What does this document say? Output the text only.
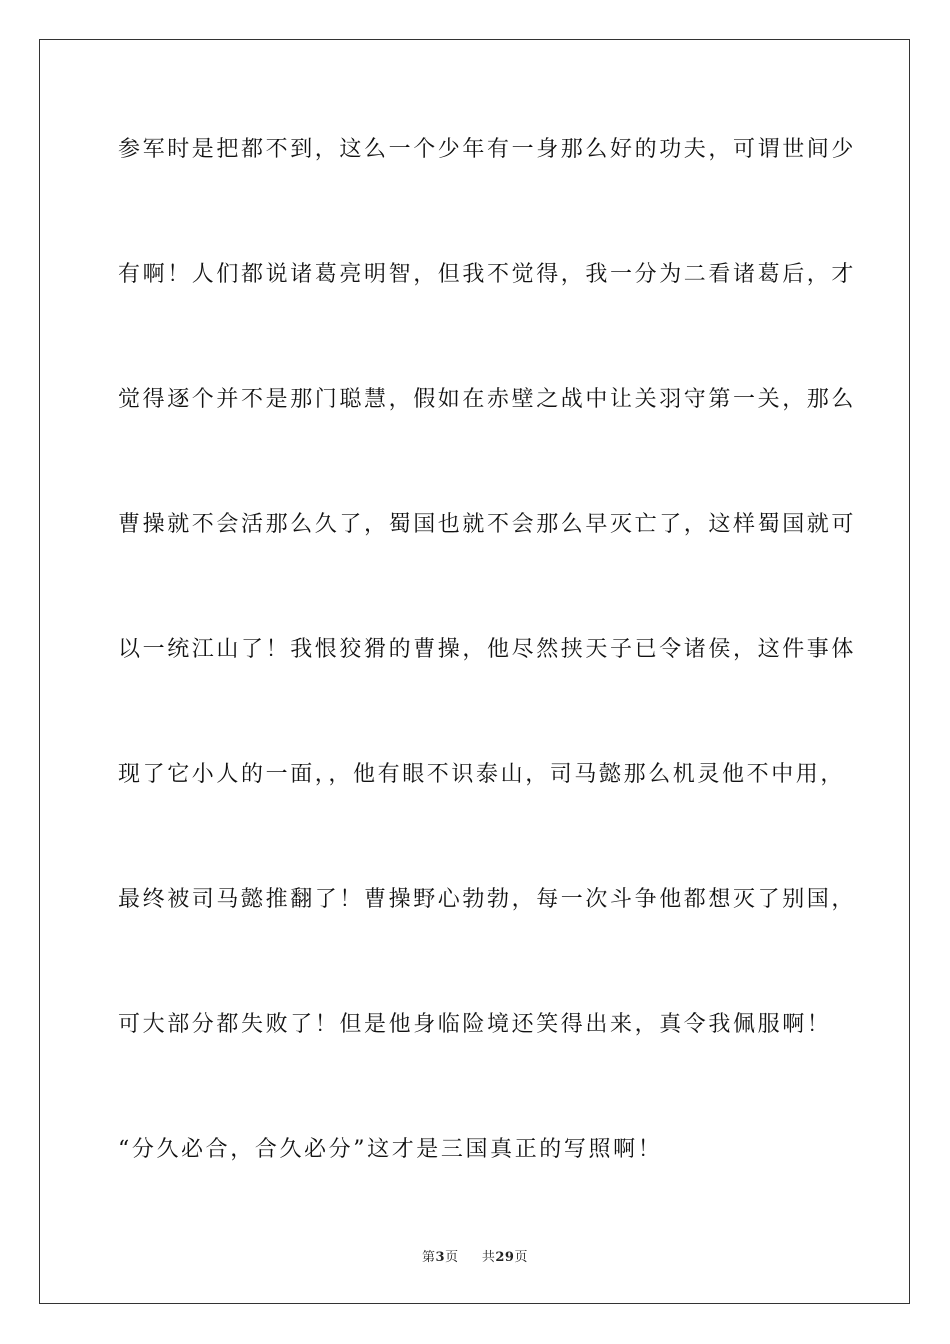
参军时是把都不到，这么一个少年有一身那么好的功夫，可谓世间少
有啊！人们都说诸葛亮明智，但我不觉得，我一分为二看诸葛后，才
觉得逐个并不是那门聪慧，假如在赤壁之战中让关羽守第一关，那么
曹操就不会活那么久了，蜀国也就不会那么早灭亡了，这样蜀国就可
以一统江山了！我恨狡猾的曹操，他尽然挟天子已令诸侯，这件事体
现了它小人的一面，，他有眼不识泰山，司马懿那么机灵他不中用，
最终被司马懿推翻了！曹操野心勃勃，每一次斗争他都想灭了别国，
可大部分都失败了！但是他身临险境还笑得出来，真令我佩服啊！
“分久必合，合久必分”这才是三国真正的写照啊！
第3页 共29页
